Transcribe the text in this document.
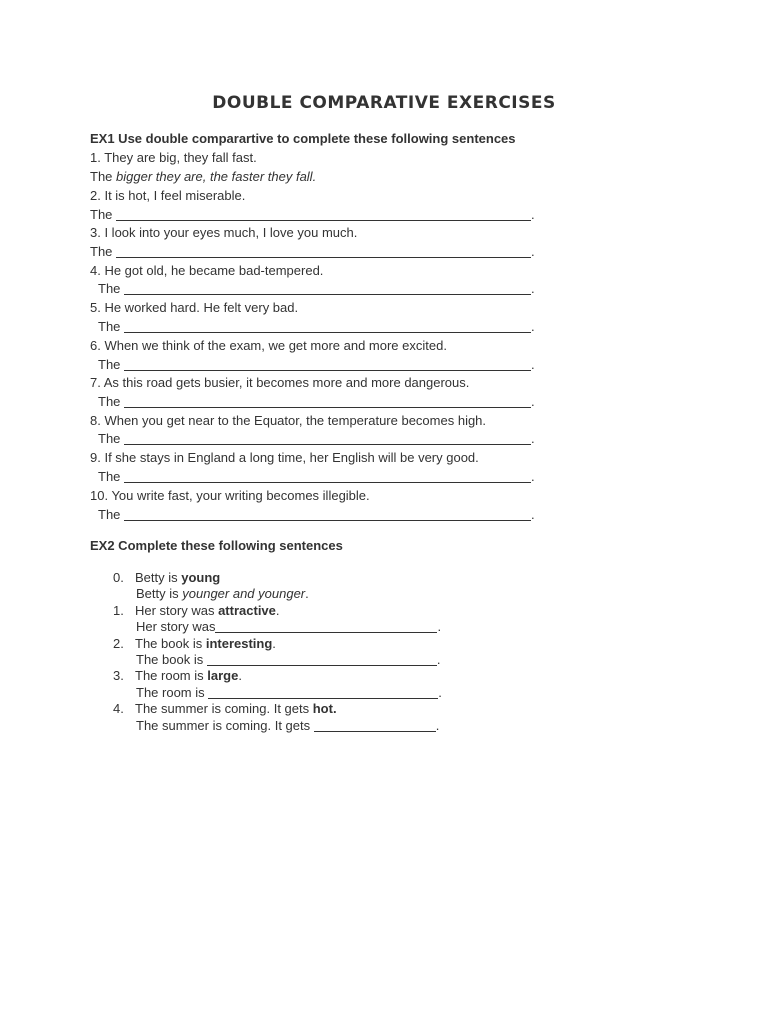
DOUBLE COMPARATIVE EXERCISES
EX1 Use double comparartive to complete these following sentences
1. They are big, they fall fast.
The bigger they are, the faster they fall.
2. It is hot, I feel miserable.
The	.
3. I look into your eyes much, I love you much.
The	.
4. He got old, he became bad-tempered.
The	.
5. He worked hard. He felt very bad.
The	.
6. When we think of the exam, we get more and more excited.
The	.
7. As this road gets busier, it becomes more and more dangerous.
The	.
8. When you get near to the Equator, the temperature becomes high.
The	.
9. If she stays in England a long time, her English will be very good.
The	.
10. You write fast, your writing becomes illegible.
The	.
EX2 Complete these following sentences
0. Betty is young
Betty is younger and younger.
1. Her story was attractive.
Her story was	.
2. The book is interesting.
The book is	.
3. The room is large.
The room is	.
4. The summer is coming. It gets hot.
The summer is coming. It gets	.
